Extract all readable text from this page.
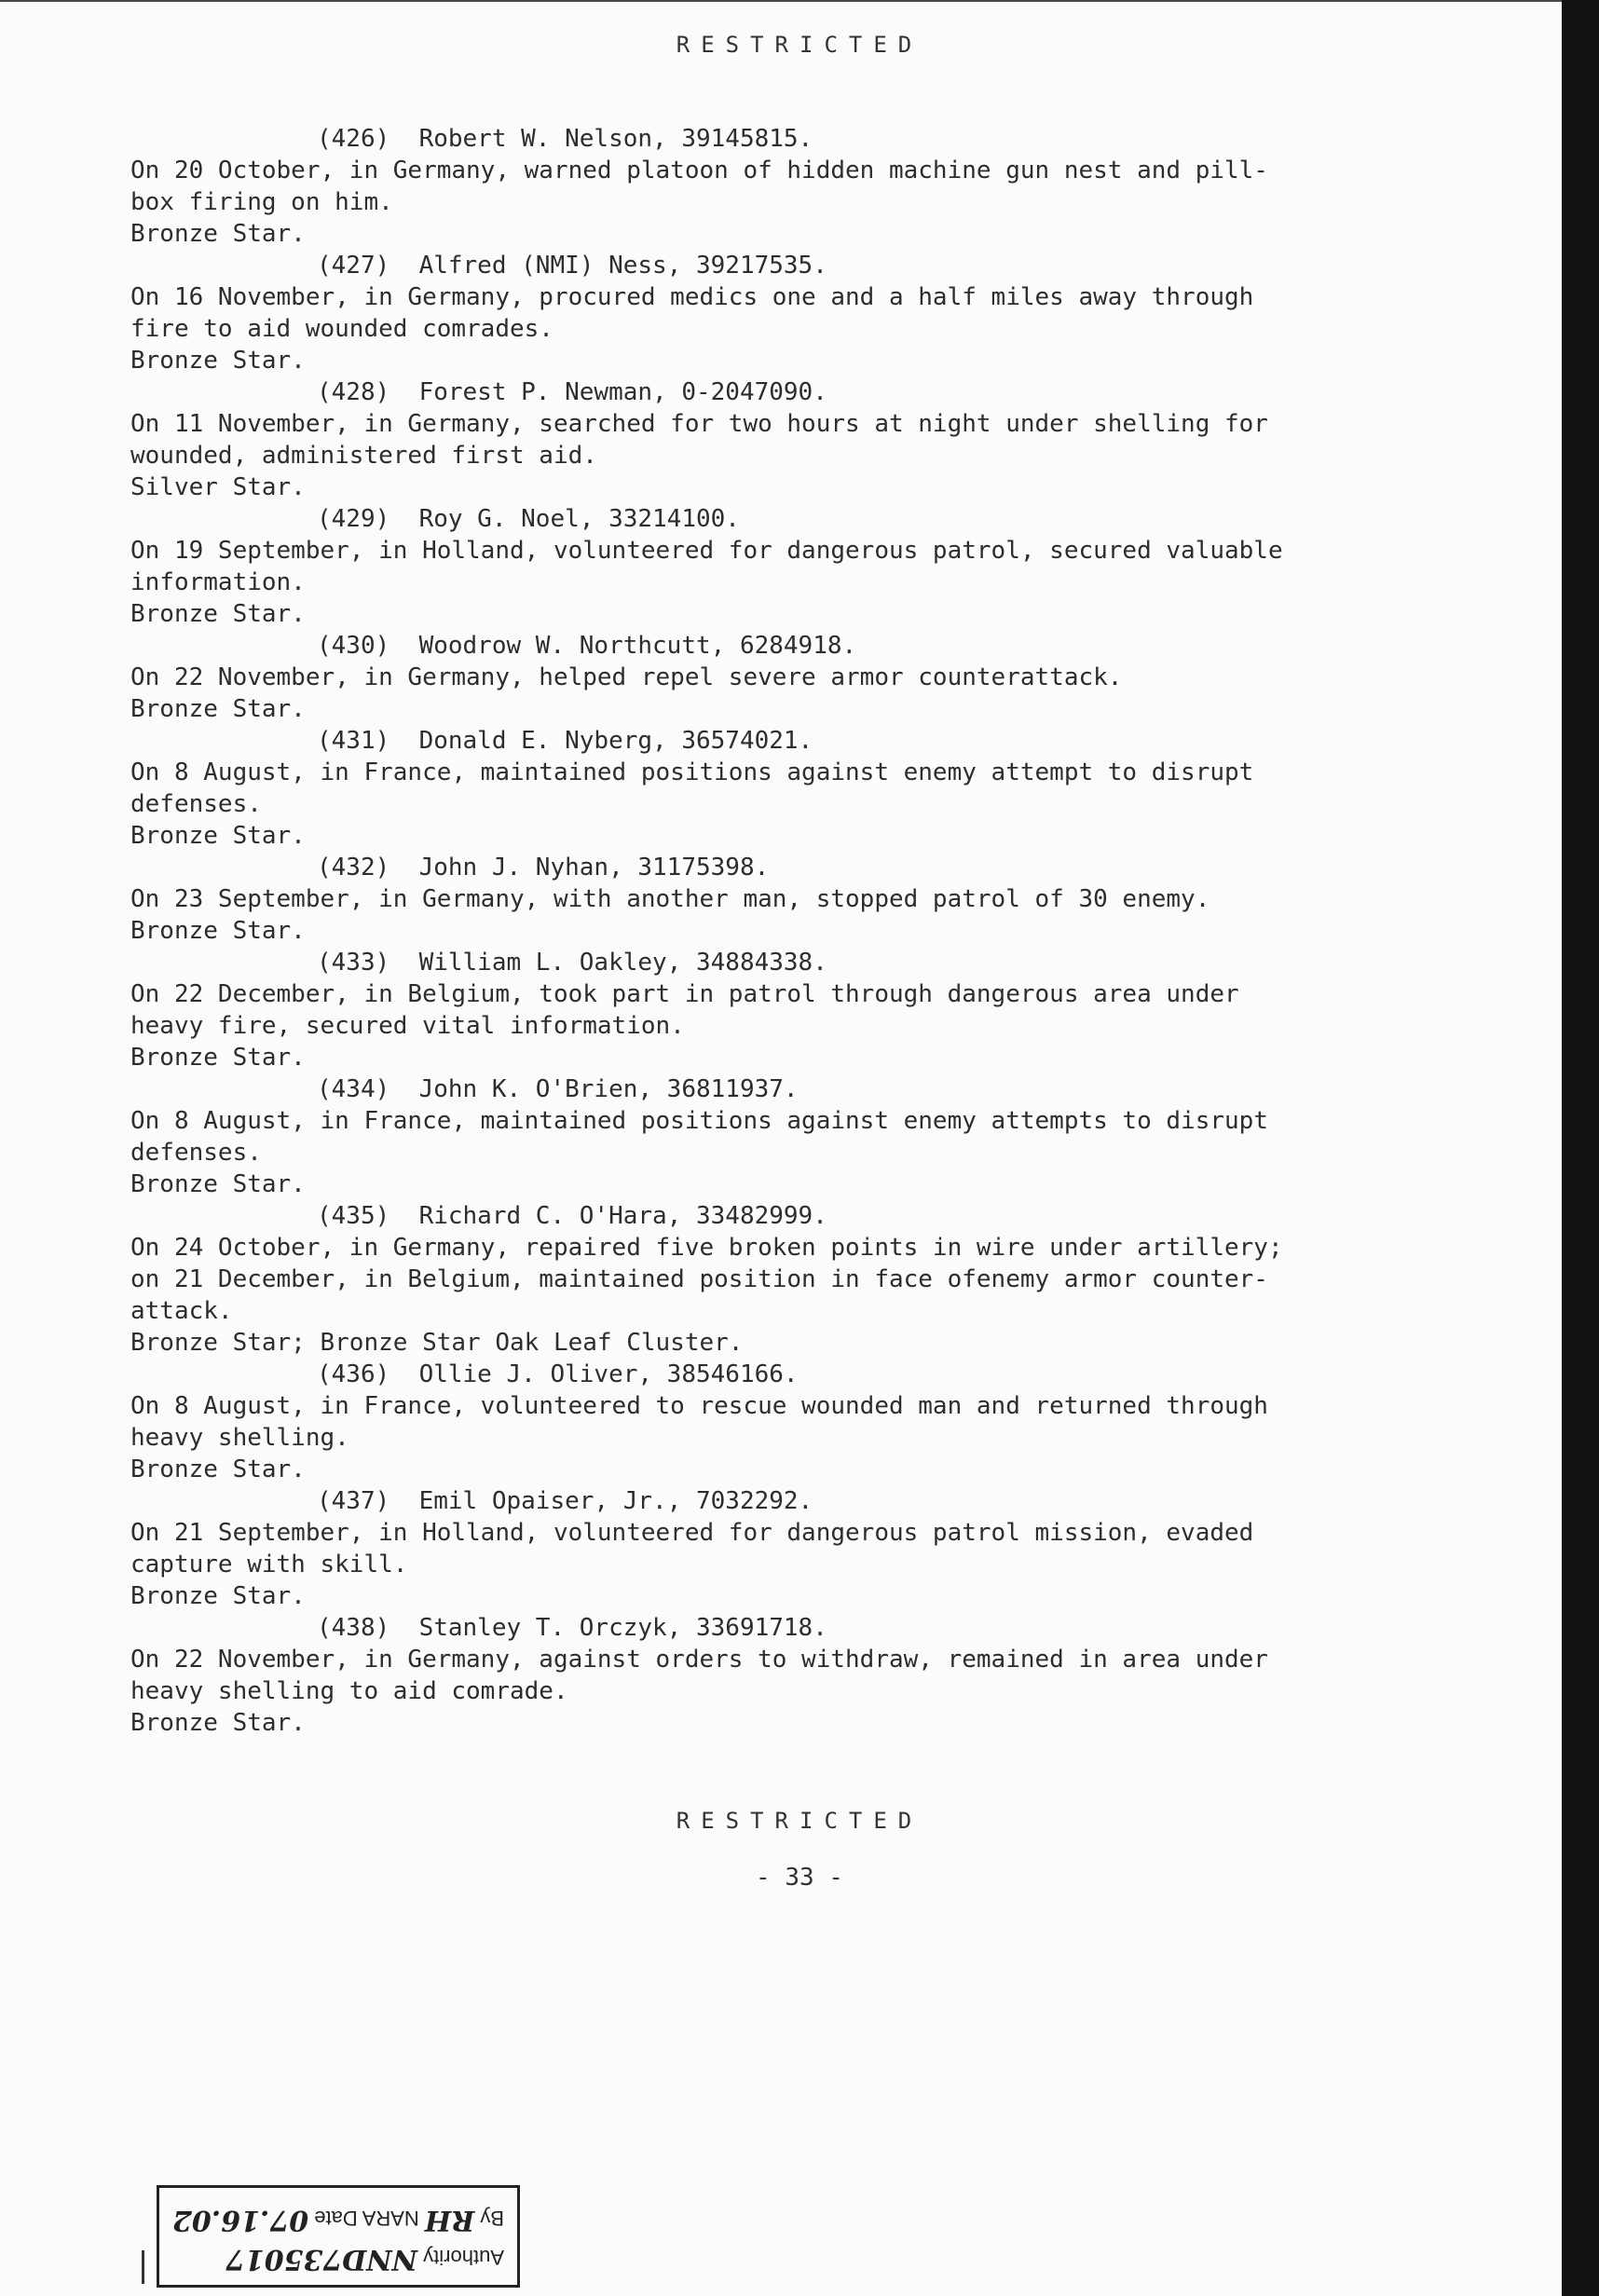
RESTRICTED
(426)  Robert W. Nelson, 39145815.
On 20 October, in Germany, warned platoon of hidden machine gun nest and pill-
box firing on him.
Bronze Star.
(427)  Alfred (NMI) Ness, 39217535.
On 16 November, in Germany, procured medics one and a half miles away through
fire to aid wounded comrades.
Bronze Star.
(428)  Forest P. Newman, 0-2047090.
On 11 November, in Germany, searched for two hours at night under shelling for
wounded, administered first aid.
Silver Star.
(429)  Roy G. Noel, 33214100.
On 19 September, in Holland, volunteered for dangerous patrol, secured valuable
information.
Bronze Star.
(430)  Woodrow W. Northcutt, 6284918.
On 22 November, in Germany, helped repel severe armor counterattack.
Bronze Star.
(431)  Donald E. Nyberg, 36574021.
On 8 August, in France, maintained positions against enemy attempt to disrupt
defenses.
Bronze Star.
(432)  John J. Nyhan, 31175398.
On 23 September, in Germany, with another man, stopped patrol of 30 enemy.
Bronze Star.
(433)  William L. Oakley, 34884338.
On 22 December, in Belgium, took part in patrol through dangerous area under
heavy fire, secured vital information.
Bronze Star.
(434)  John K. O'Brien, 36811937.
On 8 August, in France, maintained positions against enemy attempts to disrupt
defenses.
Bronze Star.
(435)  Richard C. O'Hara, 33482999.
On 24 October, in Germany, repaired five broken points in wire under artillery;
on 21 December, in Belgium, maintained position in face ofenemy armor counter-
attack.
Bronze Star; Bronze Star Oak Leaf Cluster.
(436)  Ollie J. Oliver, 38546166.
On 8 August, in France, volunteered to rescue wounded man and returned through
heavy shelling.
Bronze Star.
(437)  Emil Opaiser, Jr., 7032292.
On 21 September, in Holland, volunteered for dangerous patrol mission, evaded
capture with skill.
Bronze Star.
(438)  Stanley T. Orczyk, 33691718.
On 22 November, in Germany, against orders to withdraw, remained in area under
heavy shelling to aid comrade.
Bronze Star.
RESTRICTED
- 33 -
Authority NND735017
By RH NARA Date 07.16.02
